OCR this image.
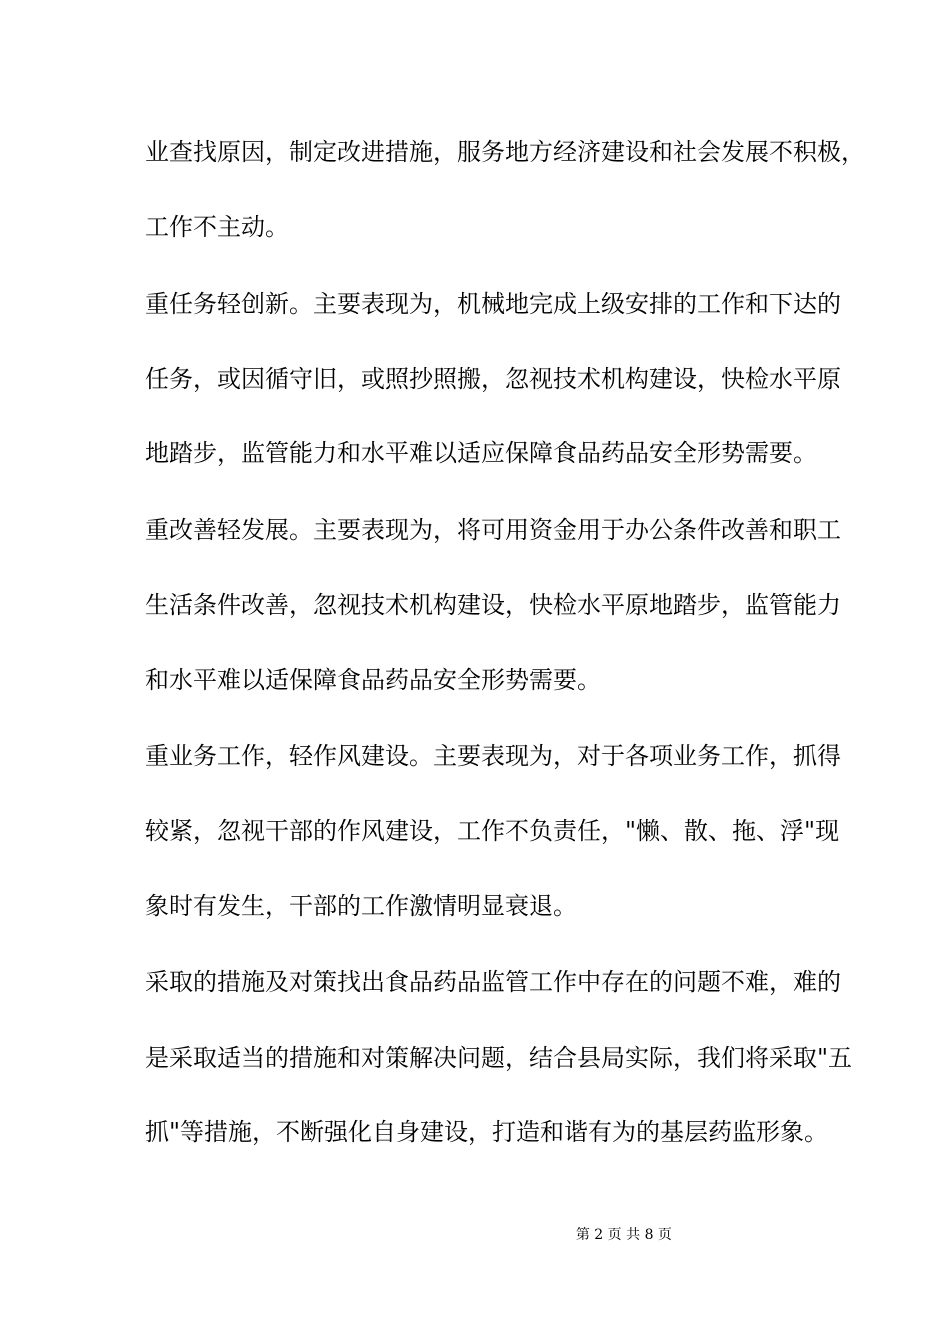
业查找原因，制定改进措施，服务地方经济建设和社会发展不积极，
工作不主动。
重任务轻创新。主要表现为，机械地完成上级安排的工作和下达的
任务，或因循守旧，或照抄照搬，忽视技术机构建设，快检水平原
地踏步，监管能力和水平难以适应保障食品药品安全形势需要。
重改善轻发展。主要表现为，将可用资金用于办公条件改善和职工
生活条件改善，忽视技术机构建设，快检水平原地踏步，监管能力
和水平难以适保障食品药品安全形势需要。
重业务工作，轻作风建设。主要表现为，对于各项业务工作，抓得
较紧，忽视干部的作风建设，工作不负责任，"懒、散、拖、浮"现
象时有发生，干部的工作激情明显衰退。
采取的措施及对策找出食品药品监管工作中存在的问题不难，难的
是采取适当的措施和对策解决问题，结合县局实际，我们将采取"五
抓"等措施，不断强化自身建设，打造和谐有为的基层药监形象。

第 2 页 共 8 页
